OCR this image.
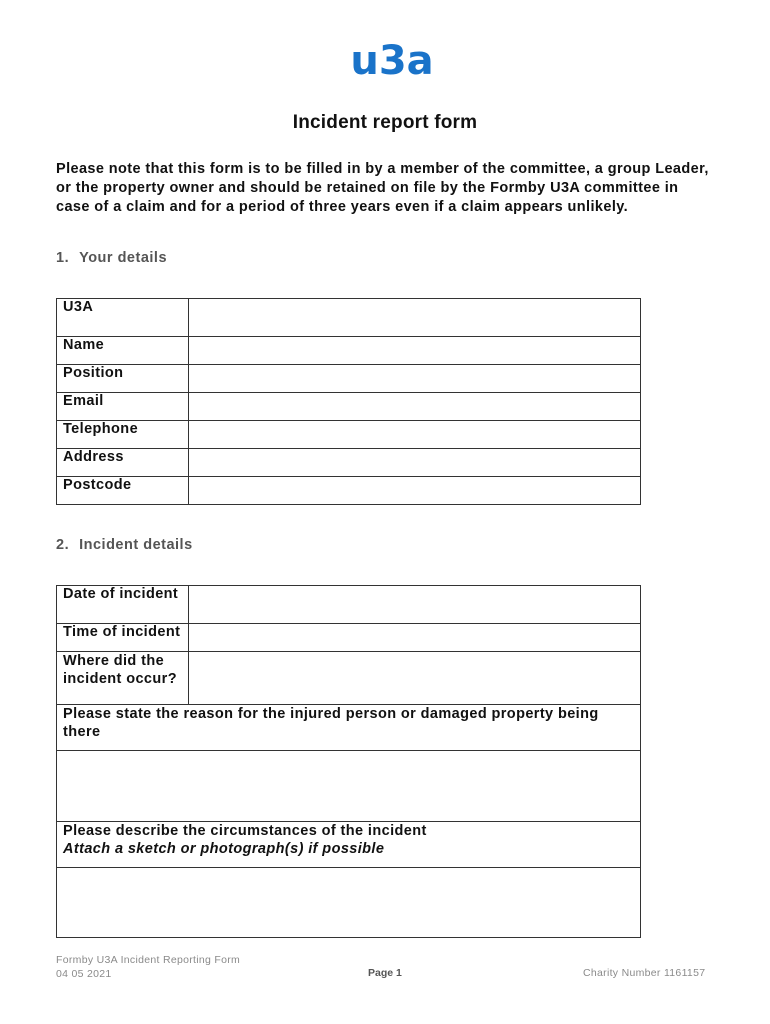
u3a
Incident report form

Please note that this form is to be filled in by a member of the committee, a group Leader, or the property owner and should be retained on file by the Formby U3A committee in case of a claim and for a period of three years even if a claim appears unlikely.

1. Your details
U3A	
Name	
Position	
Email	
Telephone	
Address	
Postcode	
2. Incident details
Date of incident	
Time of incident	
Where did the incident occur?	
Please state the reason for the injured person or damaged property being there	

Please describe the circumstances of the incident
Attach a sketch or photograph(s) if possible	

Formby U3A Incident Reporting Form
04 05 2021	Page 1	Charity Number 1161157
